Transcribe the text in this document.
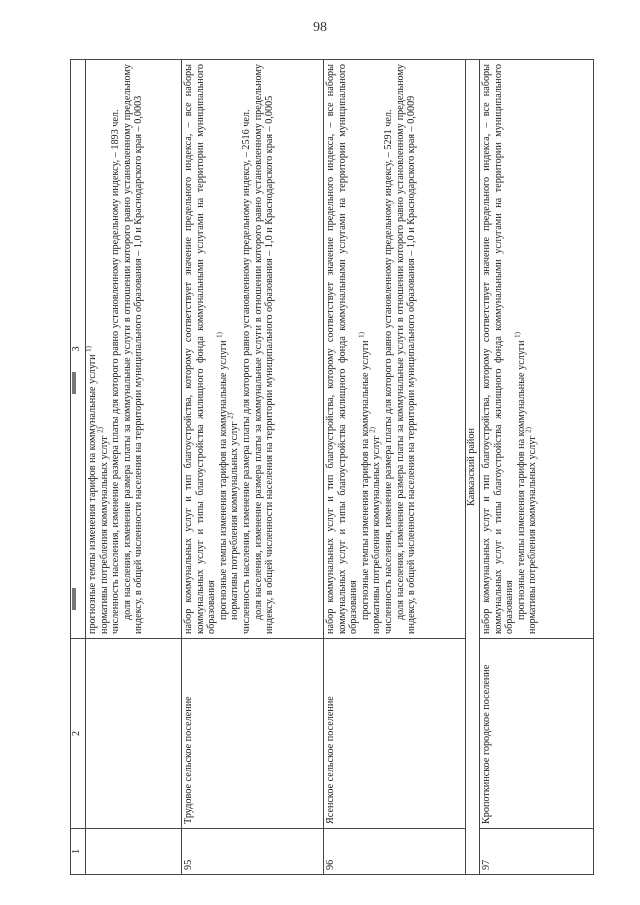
98
1	2	3

		прогнозные темпы изменения тарифов на коммунальные услуги $^{1)}$

нормативы потребления коммунальных услуг $^{2)}$ численность населения, изменение размера платы для которого равно установленному предельному индексу, – 1893 чел. доля населения, изменение размера платы за коммунальные услуги в отношении которого равно установленному предельному индексу, в общей численности населения на территории муниципального образования – 1,0 и Краснодарского края – 0,0003

95	Трудовое сельское поселение	набор коммунальных услуг и тип благоустройства, которому соответствует значение предельного индекса, – все наборы коммунальных услуг и типы благоустройства жилищного фонда коммунальными услугами на территории муниципального образования прогнозные темпы изменения тарифов на коммунальные услуги $^{1)}$

нормативы потребления коммунальных услуг $^{2)}$ численность населения, изменение размера платы для которого равно установленному предельному индексу, – 2516 чел. доля населения, изменение размера платы за коммунальные услуги в отношении которого равно установленному предельному индексу, в общей численности населения на территории муниципального образования – 1,0 и Краснодарского края – 0,0005

96	Ясенское сельское поселение	набор коммунальных услуг и тип благоустройства, которому соответствует значение предельного индекса, – все наборы коммунальных услуг и типы благоустройства жилищного фонда коммунальными услугами на территории муниципального образования прогнозные темпы изменения тарифов на коммунальные услуги $^{1)}$

нормативы потребления коммунальных услуг $^{2)}$ численность населения, изменение размера платы для которого равно установленному предельному индексу, – 5291 чел. доля населения, изменение размера платы за коммунальные услуги в отношении которого равно установленному предельному индексу, в общей численности населения на территории муниципального образования – 1,0 и Краснодарского края – 0,0009

Кавказский район		
97	Кропоткинское городское поселение	набор коммунальных услуг и тип благоустройства, которому соответствует значение предельного индекса, – все наборы коммунальных услуг и типы благоустройства жилищного фонда коммунальными услугами на территории муниципального образования прогнозные темпы изменения тарифов на коммунальные услуги $^{1)}$

нормативы потребления коммунальных услуг $^{2)}$
